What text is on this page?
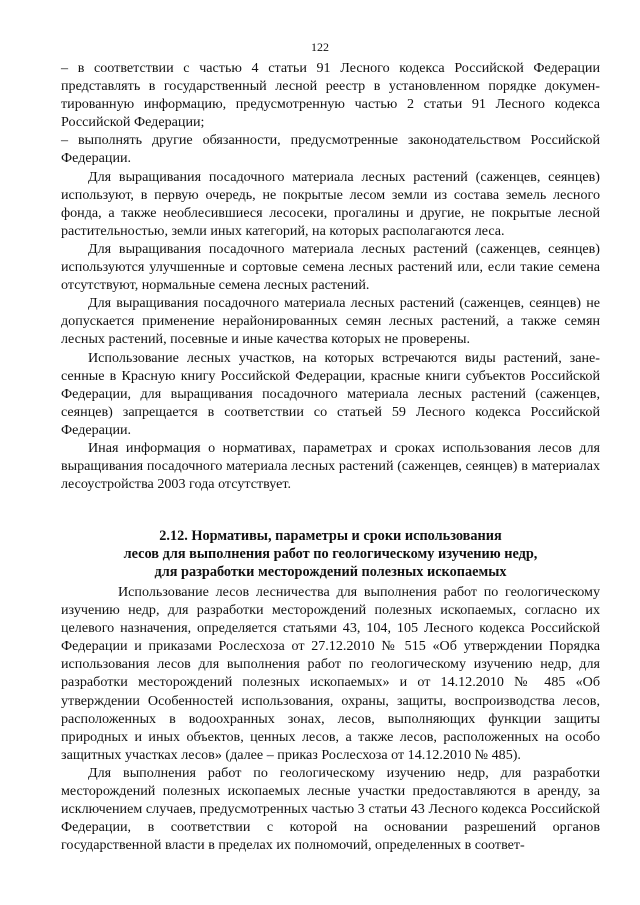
122

– в соответствии с частью 4 статьи 91 Лесного кодекса Российской Федерации представлять в государственный лесной реестр в установленном порядке документированную информацию, предусмотренную частью 2 статьи 91 Лесного кодекса Российской Федерации;

– выполнять другие обязанности, предусмотренные законодательством Российской Федерации.

Для выращивания посадочного материала лесных растений (саженцев, сеянцев) используют, в первую очередь, не покрытые лесом земли из состава земель лесного фонда, а также необлесившиеся лесосеки, прогалины и другие, не покрытые лесной растительностью, земли иных категорий, на которых располагаются леса.

Для выращивания посадочного материала лесных растений (саженцев, сеянцев) используются улучшенные и сортовые семена лесных растений или, если такие семена отсутствуют, нормальные семена лесных растений.

Для выращивания посадочного материала лесных растений (саженцев, сеянцев) не допускается применение нерайонированных семян лесных растений, а также семян лесных растений, посевные и иные качества которых не проверены.

Использование лесных участков, на которых встречаются виды растений, занесенные в Красную книгу Российской Федерации, красные книги субъектов Российской Федерации, для выращивания посадочного материала лесных растений (саженцев, сеянцев) запрещается в соответствии со статьей 59 Лесного кодекса Российской Федерации.

Иная информация о нормативах, параметрах и сроках использования лесов для выращивания посадочного материала лесных растений (саженцев, сеянцев) в материалах лесоустройства 2003 года отсутствует.

2.12. Нормативы, параметры и сроки использования
лесов для выполнения работ по геологическому изучению недр,
для разработки месторождений полезных ископаемых

Использование лесов лесничества для выполнения работ по геологическому изучению недр, для разработки месторождений полезных ископаемых, согласно их целевого назначения, определяется статьями 43, 104, 105 Лесного кодекса Российской Федерации и приказами Рослесхоза от 27.12.2010 № 515 «Об утверждении Порядка использования лесов для выполнения работ по геологическому изучению недр, для разработки месторождений полезных ископаемых» и от 14.12.2010 № 485 «Об утверждении Особенностей использования, охраны, защиты, воспроизводства лесов, расположенных в водоохранных зонах, лесов, выполняющих функции защиты природных и иных объектов, ценных лесов, а также лесов, расположенных на особо защитных участках лесов» (далее – приказ Рослесхоза от 14.12.2010 № 485).

Для выполнения работ по геологическому изучению недр, для разработки месторождений полезных ископаемых лесные участки предоставляются в аренду, за исключением случаев, предусмотренных частью 3 статьи 43 Лесного кодекса Российской Федерации, в соответствии с которой на основании разрешений органов государственной власти в пределах их полномочий, определенных в соответ-
